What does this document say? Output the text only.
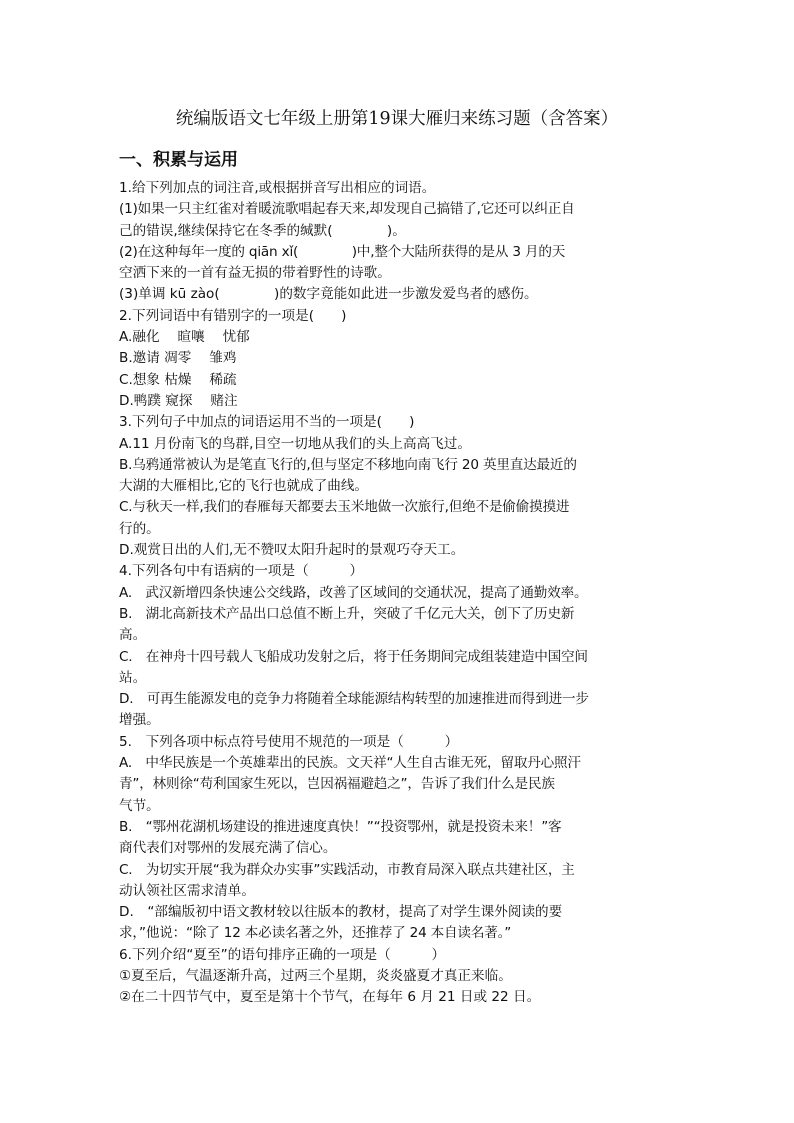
统编版语文七年级上册第19课大雁归来练习题（含答案）
一、积累与运用
1.给下列加点的词注音,或根据拼音写出相应的词语。
(1)如果一只主红雀对着暖流歌唱起春天来,却发现自己搞错了,它还可以纠正自
己的错误,继续保持它在冬季的缄默(　　　　)。
(2)在这种每年一度的 qiān xǐ(　　　　)中,整个大陆所获得的是从 3 月的天
空洒下来的一首有益无损的带着野性的诗歌。
(3)单调 kū zào(　　　　)的数字竟能如此进一步激发爱鸟者的感伤。
2.下列词语中有错别字的一项是(　　)
A.融化　 暄嚷　 忧郁
B.邀请 凋零　 雏鸡
C.想象 枯燥　 稀疏
D.鸭蹼 窥探　 赌注
3.下列句子中加点的词语运用不当的一项是(　　)
A.11 月份南飞的鸟群,目空一切地从我们的头上高高飞过。
B.乌鸦通常被认为是笔直飞行的,但与坚定不移地向南飞行 20 英里直达最近的
大湖的大雁相比,它的飞行也就成了曲线。
C.与秋天一样,我们的春雁每天都要去玉米地做一次旅行,但绝不是偷偷摸摸进
行的。
D.观赏日出的人们,无不赞叹太阳升起时的景观巧夺天工。
4.下列各句中有语病的一项是（　　　）
A.　武汉新增四条快速公交线路，改善了区域间的交通状况，提高了通勤效率。
B.　湖北高新技术产品出口总值不断上升，突破了千亿元大关，创下了历史新
高。
C.　在神舟十四号载人飞船成功发射之后，将于任务期间完成组装建造中国空间
站。
D.　可再生能源发电的竞争力将随着全球能源结构转型的加速推进而得到进一步
增强。
5.　下列各项中标点符号使用不规范的一项是（　　　）
A.　中华民族是一个英雄辈出的民族。文天祥“人生自古谁无死，留取丹心照汗
青”，林则徐“苟利国家生死以，岂因祸福避趋之”，告诉了我们什么是民族
气节。
B.　“鄂州花湖机场建设的推进速度真快！”“投资鄂州，就是投资未来！”客
商代表们对鄂州的发展充满了信心。
C.　为切实开展“我为群众办实事”实践活动，市教育局深入联点共建社区，主
动认领社区需求清单。
D.　“部编版初中语文教材较以往版本的教材，提高了对学生课外阅读的要
求，”他说：“除了 12 本必读名著之外，还推荐了 24 本自读名著。”
6.下列介绍“夏至”的语句排序正确的一项是（　　　）
①夏至后，气温逐渐升高，过两三个星期，炎炎盛夏才真正来临。
②在二十四节气中，夏至是第十个节气，在每年 6 月 21 日或 22 日。
